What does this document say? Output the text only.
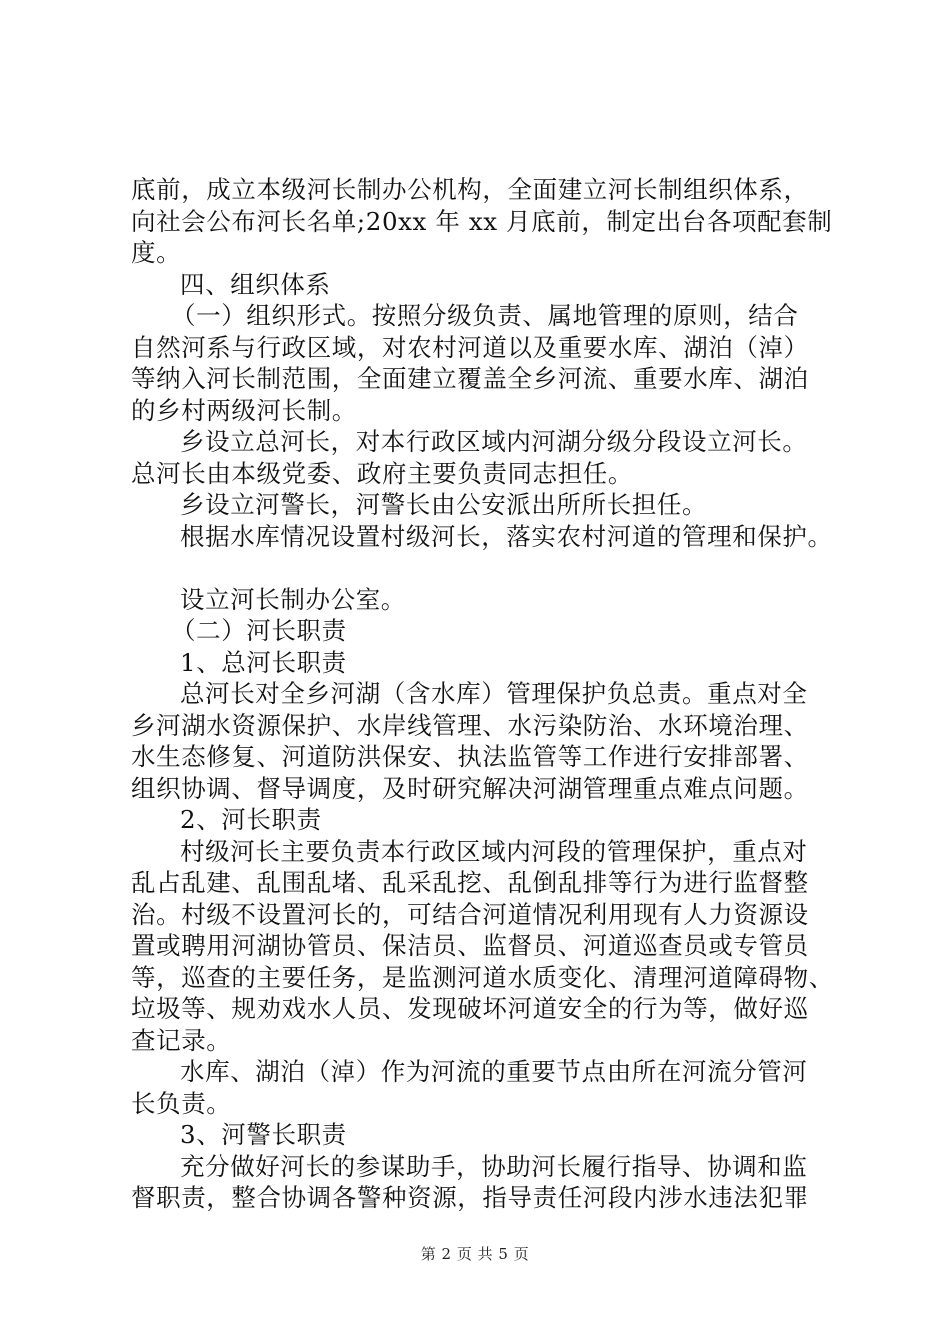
底前，成立本级河长制办公机构，全面建立河长制组织体系，
向社会公布河长名单;20xx 年 xx 月底前，制定出台各项配套制
度。
四、组织体系
（一）组织形式。按照分级负责、属地管理的原则，结合
自然河系与行政区域，对农村河道以及重要水库、湖泊（淖）
等纳入河长制范围，全面建立覆盖全乡河流、重要水库、湖泊
的乡村两级河长制。
乡设立总河长，对本行政区域内河湖分级分段设立河长。
总河长由本级党委、政府主要负责同志担任。
乡设立河警长，河警长由公安派出所所长担任。
根据水库情况设置村级河长，落实农村河道的管理和保护。
设立河长制办公室。
（二）河长职责
1、总河长职责
总河长对全乡河湖（含水库）管理保护负总责。重点对全
乡河湖水资源保护、水岸线管理、水污染防治、水环境治理、
水生态修复、河道防洪保安、执法监管等工作进行安排部署、
组织协调、督导调度，及时研究解决河湖管理重点难点问题。
2、河长职责
村级河长主要负责本行政区域内河段的管理保护，重点对
乱占乱建、乱围乱堵、乱采乱挖、乱倒乱排等行为进行监督整
治。村级不设置河长的，可结合河道情况利用现有人力资源设
置或聘用河湖协管员、保洁员、监督员、河道巡查员或专管员
等，巡查的主要任务，是监测河道水质变化、清理河道障碍物、
垃圾等、规劝戏水人员、发现破坏河道安全的行为等，做好巡
查记录。
水库、湖泊（淖）作为河流的重要节点由所在河流分管河
长负责。
3、河警长职责
充分做好河长的参谋助手，协助河长履行指导、协调和监
督职责，整合协调各警种资源，指导责任河段内涉水违法犯罪
第 2 页 共 5 页
